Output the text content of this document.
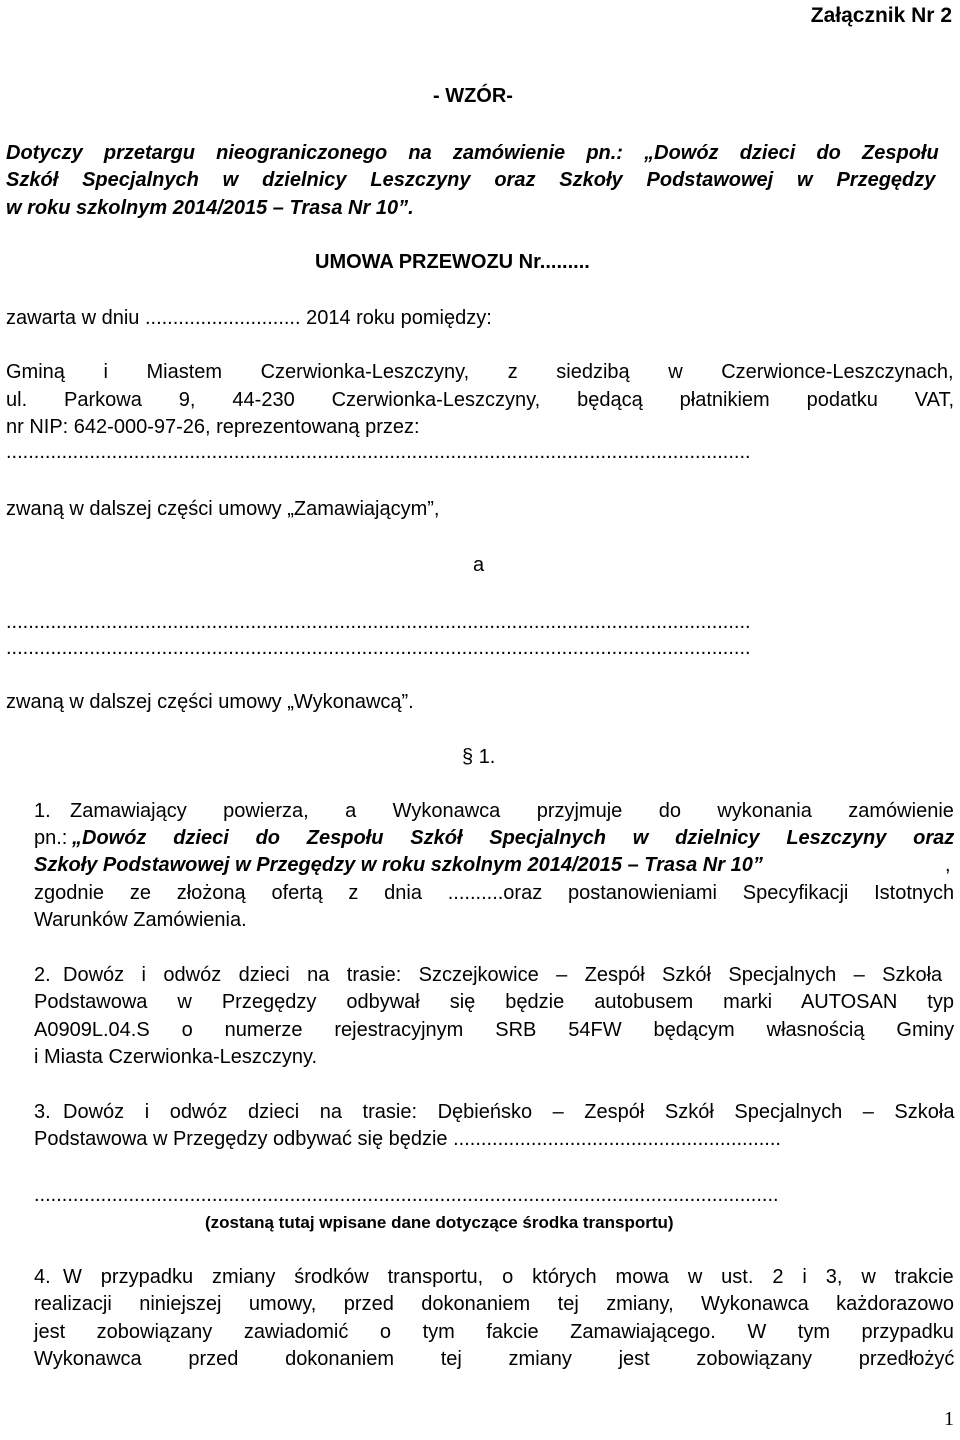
Załącznik Nr 2
- WZÓR-
Dotyczy przetargu nieograniczonego na zamówienie pn.: „Dowóz dzieci do Zespołu
Szkół Specjalnych w dzielnicy Leszczyny oraz Szkoły Podstawowej w Przegędzy
w roku szkolnym 2014/2015 – Trasa Nr 10”.
UMOWA PRZEWOZU Nr.........
zawarta w dniu ............................ 2014 roku pomiędzy:
Gminą i Miastem Czerwionka-Leszczyny, z siedzibą w Czerwionce-Leszczynach,
ul. Parkowa 9, 44-230 Czerwionka-Leszczyny, będącą płatnikiem podatku VAT,
nr NIP: 642-000-97-26, reprezentowaną przez:
......................................................................................................................................
zwaną w dalszej części umowy „Zamawiającym”,
a
......................................................................................................................................
......................................................................................................................................
zwaną w dalszej części umowy „Wykonawcą”.
§ 1.
1. Zamawiający powierza, a Wykonawca przyjmuje do wykonania zamówienie
pn.: „Dowóz dzieci do Zespołu Szkół Specjalnych w dzielnicy Leszczyny oraz
Szkoły Podstawowej w Przegędzy w roku szkolnym 2014/2015 – Trasa Nr 10”	,
zgodnie ze złożoną ofertą z dnia ..........oraz postanowieniami Specyfikacji Istotnych
Warunków Zamówienia.
2. Dowóz i odwóz dzieci na trasie: Szczejkowice – Zespół Szkół Specjalnych – Szkoła
Podstawowa w Przegędzy odbywał się będzie autobusem marki AUTOSAN typ
A0909L.04.S o numerze rejestracyjnym SRB 54FW będącym własnością Gminy
i Miasta Czerwionka-Leszczyny.
3. Dowóz i odwóz dzieci na trasie: Dębieńsko – Zespół Szkół Specjalnych – Szkoła
Podstawowa w Przegędzy odbywać się będzie ...........................................................
......................................................................................................................................
(zostaną tutaj wpisane dane dotyczące środka transportu)
4. W przypadku zmiany środków transportu, o których mowa w ust. 2 i 3, w trakcie
realizacji niniejszej umowy, przed dokonaniem tej zmiany, Wykonawca każdorazowo
jest zobowiązany zawiadomić o tym fakcie Zamawiającego. W tym przypadku
Wykonawca przed dokonaniem tej zmiany jest zobowiązany przedłożyć
1
